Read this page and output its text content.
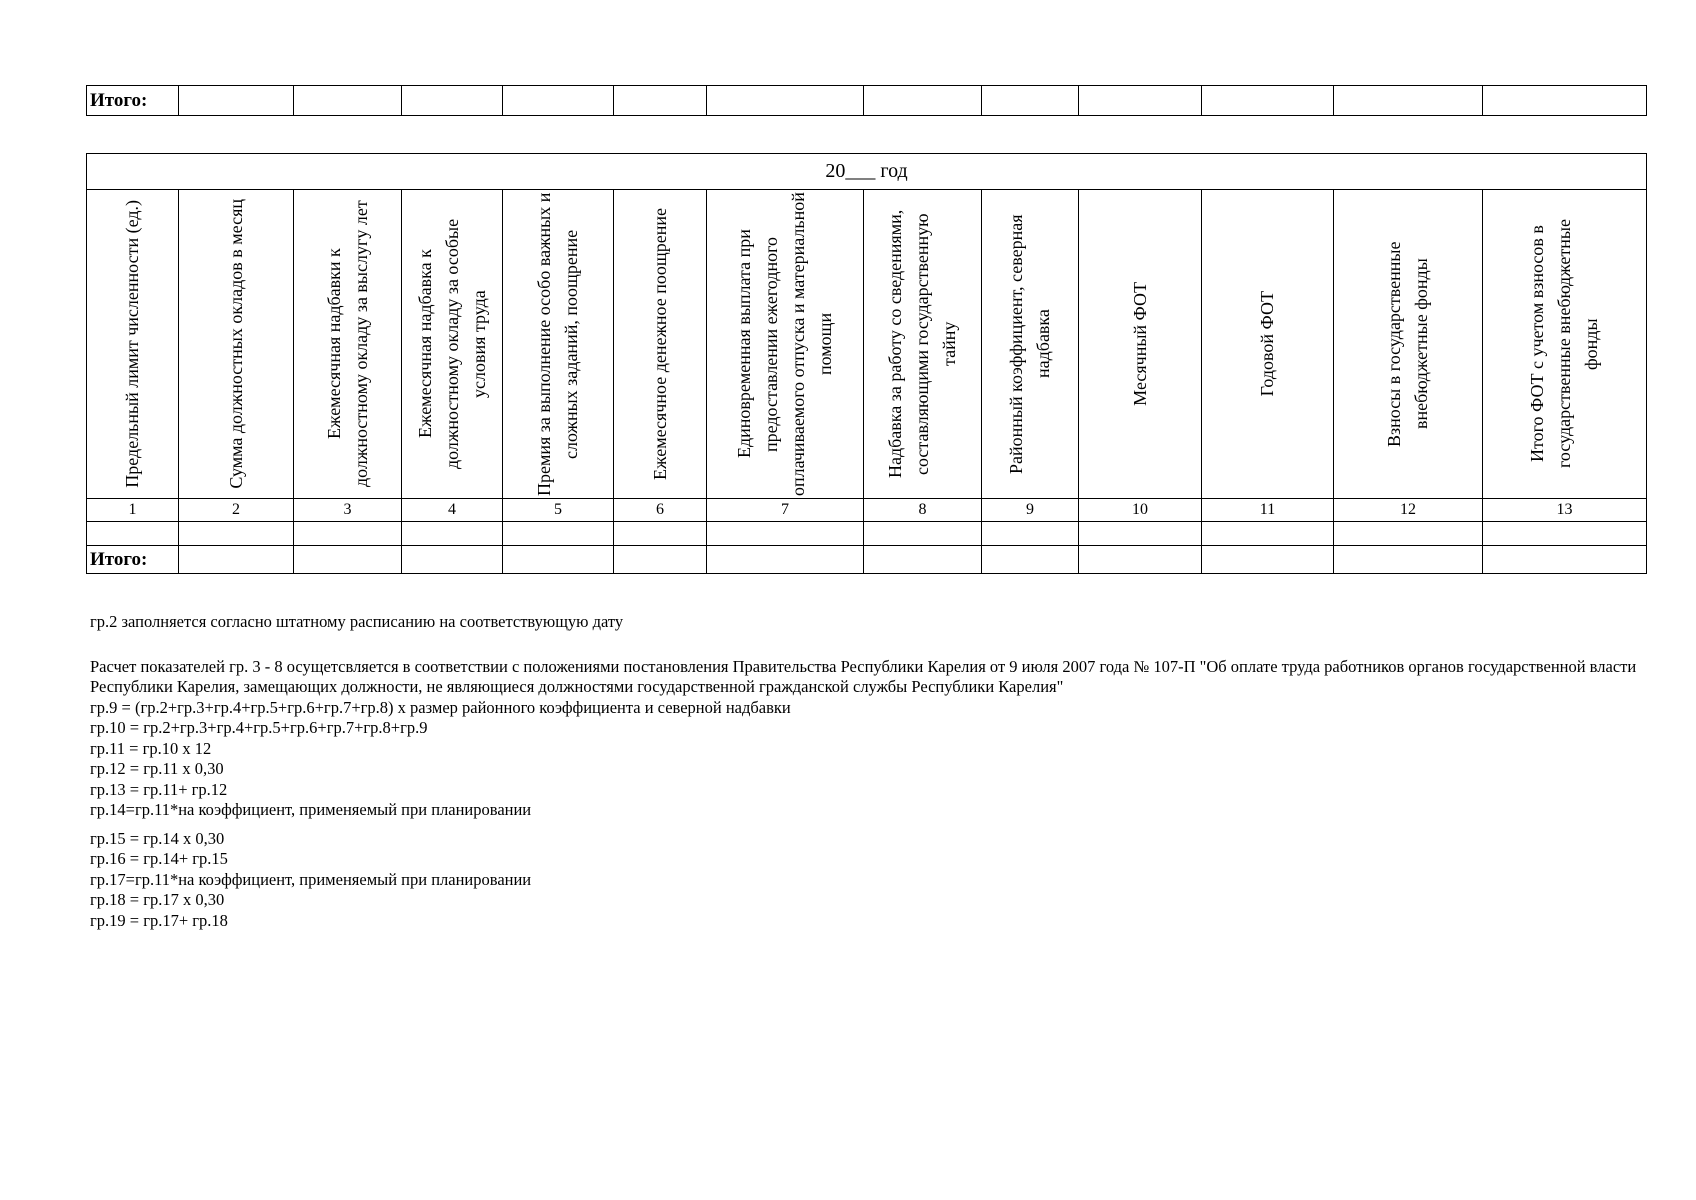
Итого:												
20___ год												

Предельный лимит численности (ед.)	Сумма должностных окладов в месяц	Ежемесячная надбавки к должностному окладу за выслугу лет	Ежемесячная надбавка к должностному окладу за особые условия труда	Премия за выполнение особо важных и сложных заданий, поощрение	Ежемесячное денежное поощрение	Единовременная выплата при предоставлении ежегодного оплачиваемого отпуска и материальной помощи	Надбавка за работу со сведениями, составляющими государственную тайну	Районный коэффициент, северная надбавка	Месячный ФОТ	Годовой ФОТ	Взносы в государственные внебюджетные фонды	Итого ФОТ с учетом взносов в государственные внебюджетные фонды

1	2	3	4	5	6	7	8	9	10	11	12	13

Итого:												

гр.2 заполняется согласно штатному расписанию на соответствующую дату

Расчет показателей гр. 3 - 8 осущетсвляется в соответствии с положениями постановления Правительства Республики Карелия от 9 июля 2007 года № 107-П "Об оплате труда работников органов государственной власти Республики Карелия, замещающих должности, не являющиеся должностями государственной гражданской службы Республики Карелия"

гр.9 = (гр.2+гр.3+гр.4+гр.5+гр.6+гр.7+гр.8) х размер районного коэффициента и северной надбавки

гр.10 = гр.2+гр.3+гр.4+гр.5+гр.6+гр.7+гр.8+гр.9

гр.11 = гр.10 х 12

гр.12 = гр.11 х 0,30

гр.13 = гр.11+ гр.12

гр.14=гр.11*на коэффициент, применяемый при планировании

гр.15 = гр.14 х 0,30

гр.16 = гр.14+ гр.15

гр.17=гр.11*на коэффициент, применяемый при планировании

гр.18 = гр.17 х 0,30

гр.19 = гр.17+ гр.18
